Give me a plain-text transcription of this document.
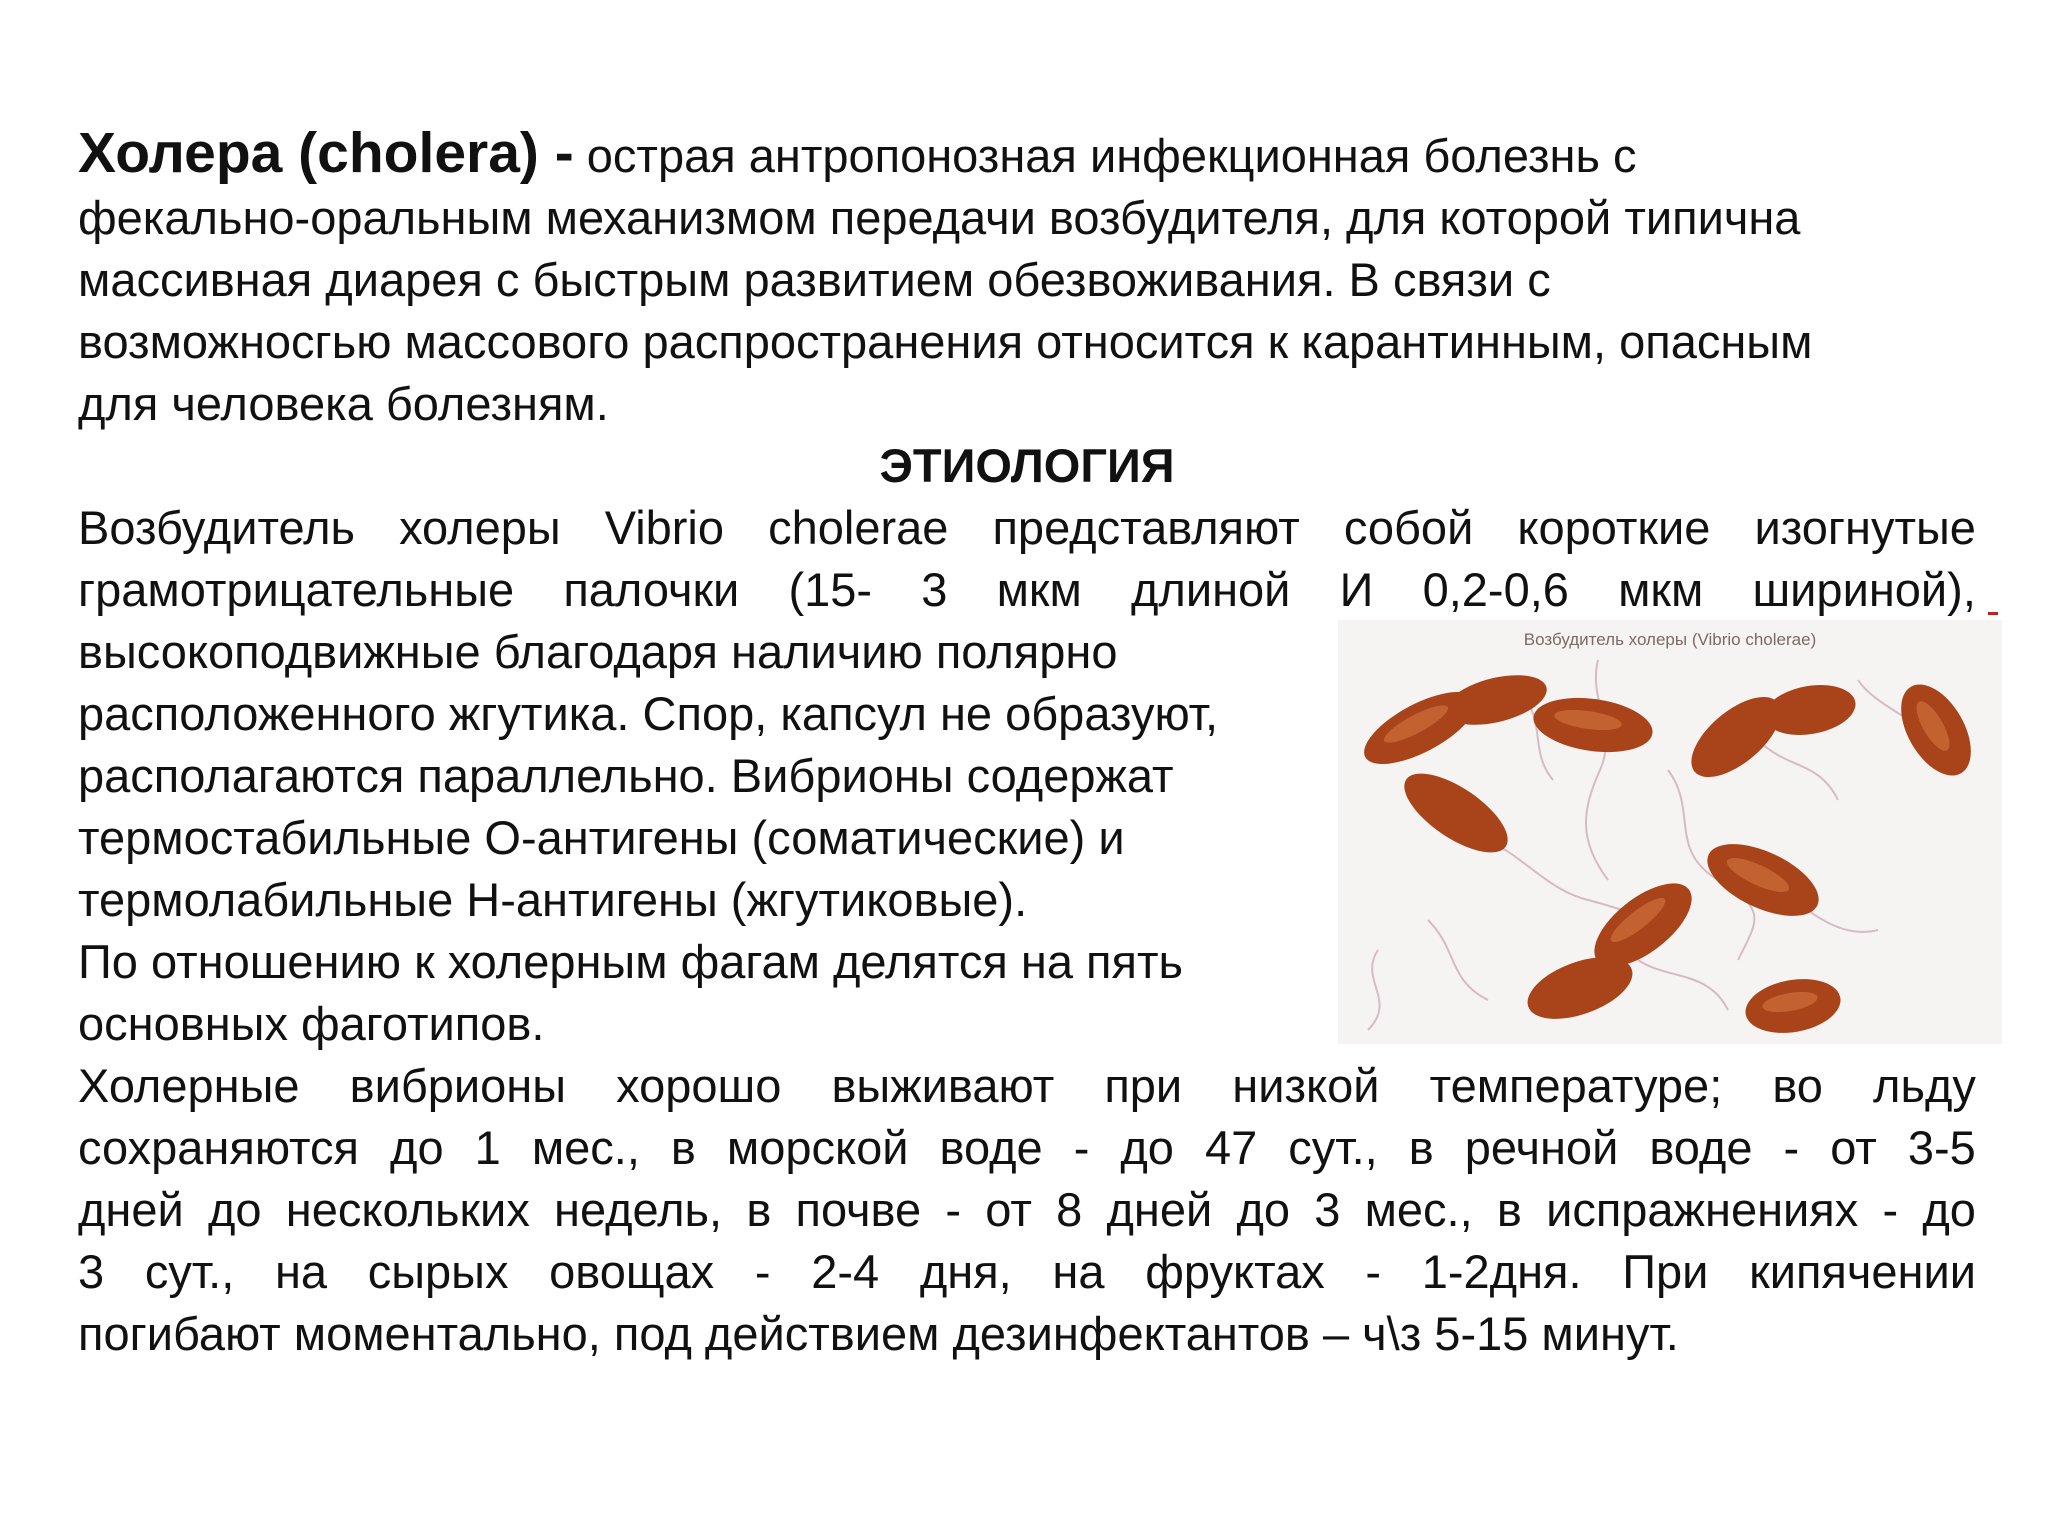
Холера (cholera) - острая антропонозная инфекционная болезнь с
фекально-оральным механизмом передачи возбудителя, для которой типична
массивная диарея с быстрым развитием обезвоживания. В связи с
возможносгью массового распространения относится к карантинным, опасным
для человека болезням.
ЭТИОЛОГИЯ
Возбудитель холеры Vibrio cholerae представляют собой короткие изогнутые
грамотрицательные палочки (15- 3 мкм длиной И 0,2-0,6 мкм шириной),
высокоподвижные благодаря наличию полярно
расположенного жгутика. Спор, капсул не образуют,
располагаются параллельно. Вибрионы содержат
термостабильные О-антигены (соматические) и
термолабильные Н-антигены (жгутиковые).
По отношению к холерным фагам делятся на пять
основных фаготипов.
Возбудитель холеры (Vibrio cholerae)
Холерные вибрионы хорошо выживают при низкой температуре; во льду
сохраняются до 1 мес., в морской воде - до 47 сут., в речной воде - от 3-5
дней до нескольких недель, в почве - от 8 дней до 3 мес., в испражнениях - до
3 сут., на сырых овощах - 2-4 дня, на фруктах - 1-2дня. При кипячении
погибают моментально, под действием дезинфектантов – ч\з 5-15 минут.
